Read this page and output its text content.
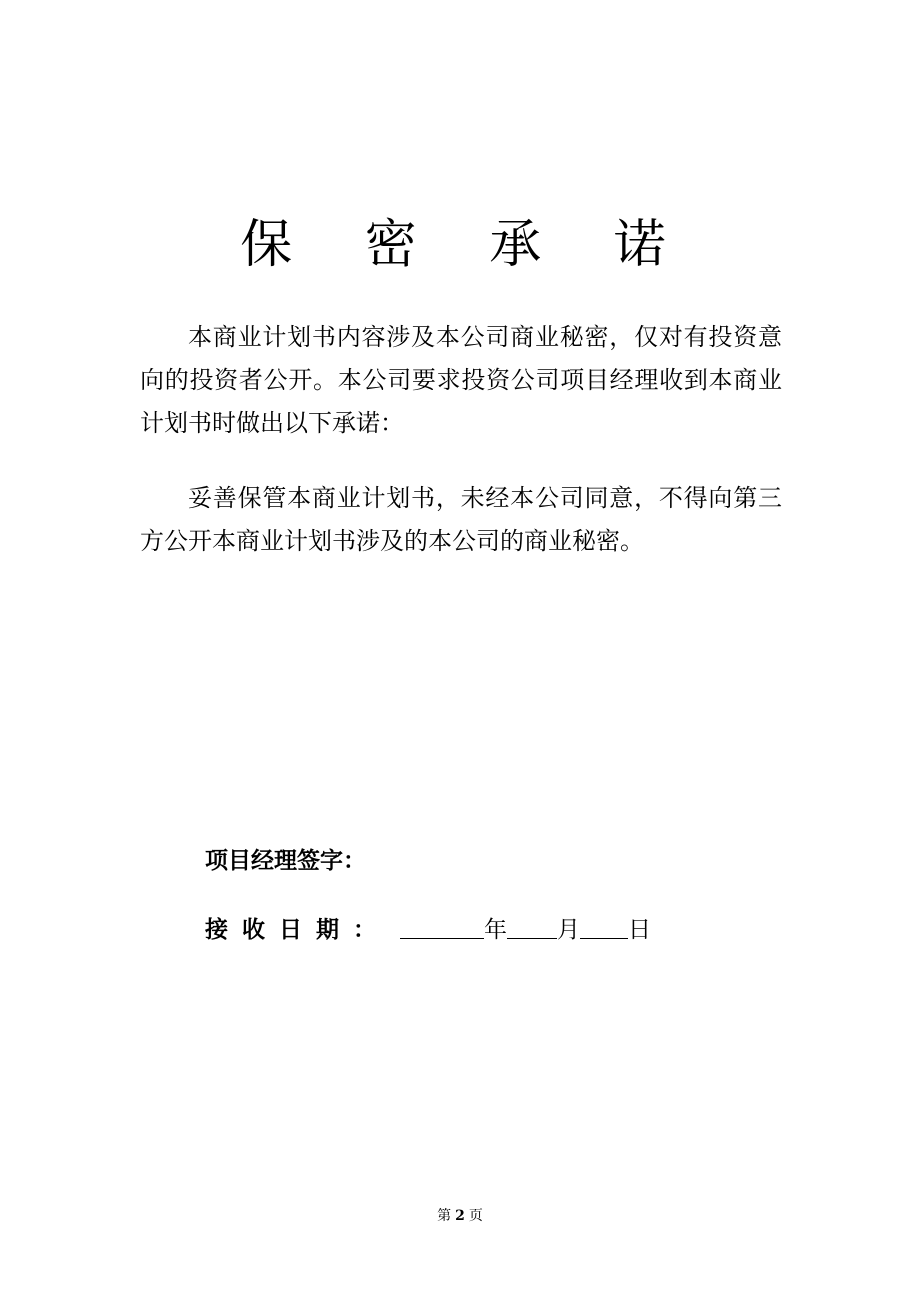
保 密 承 诺

本商业计划书内容涉及本公司商业秘密，仅对有投资意向的投资者公开。本公司要求投资公司项目经理收到本商业计划书时做出以下承诺：

妥善保管本商业计划书，未经本公司同意，不得向第三方公开本商业计划书涉及的本公司的商业秘密。

项目经理签字：
接收日期：	年 月 日
第 2 页
